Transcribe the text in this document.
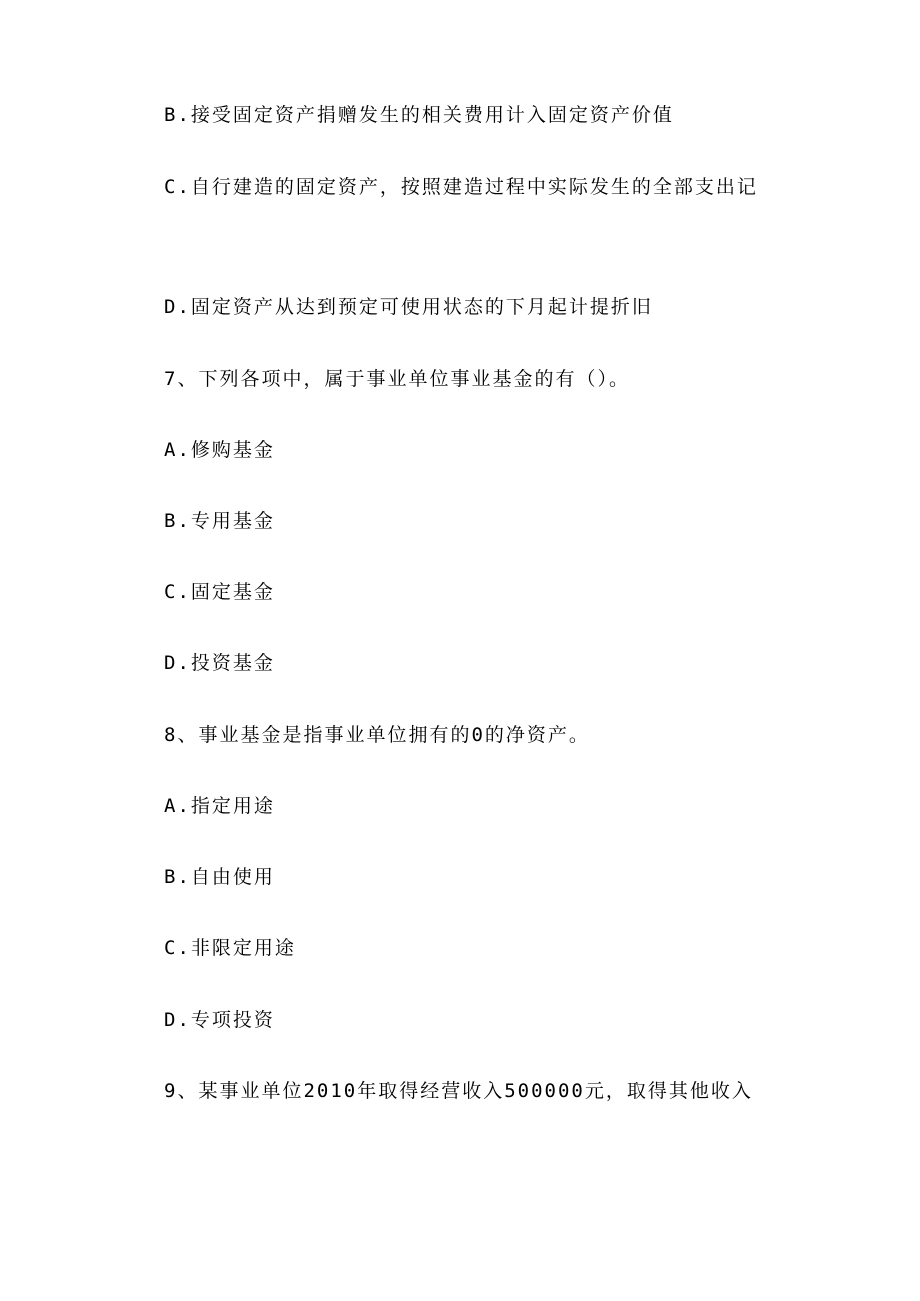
B.接受固定资产捐赠发生的相关费用计入固定资产价值
C.自行建造的固定资产，按照建造过程中实际发生的全部支出记
D.固定资产从达到预定可使用状态的下月起计提折旧
7、下列各项中，属于事业单位事业基金的有（）。
A.修购基金
B.专用基金
C.固定基金
D.投资基金
8、事业基金是指事业单位拥有的0的净资产。
A.指定用途
B.自由使用
C.非限定用途
D.专项投资
9、某事业单位2010年取得经营收入500000元，取得其他收入
